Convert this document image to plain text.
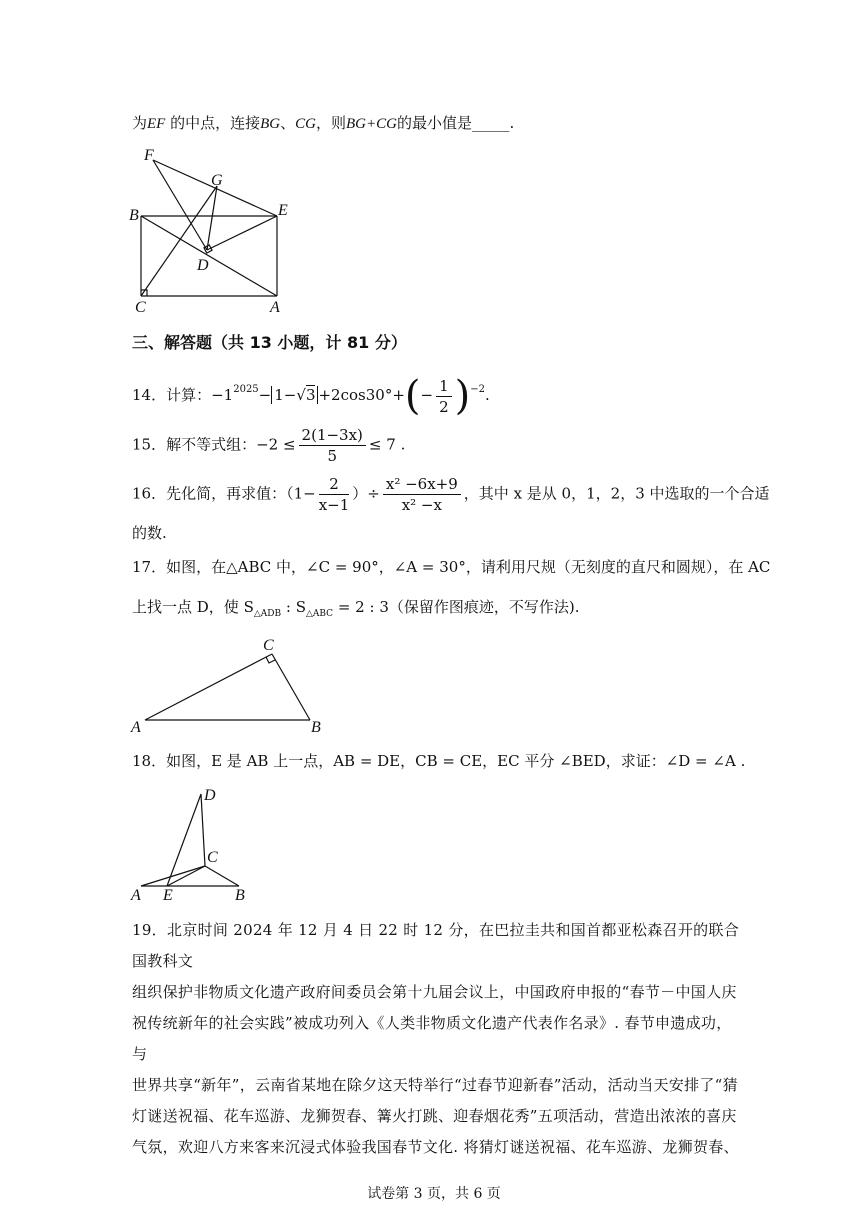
为EF 的中点，连接BG、CG，则BG+CG的最小值是_____.
F
G
B	E
D
C	A
三、解答题（共 13 小题，计 81 分）
14．计算：$-1^{2025}- 1-√3 +2\cos 30^\circ+(- \frac{1}{2} )^{-2}$.
15．解不等式组：$-2 \le \frac{2(1-3x)}{5} \le 7$ .
16．先化简，再求值：（$1- \frac{2}{x-1}$ ）÷ $\frac{\text{x² −6x+9}}{\text{x² −x}}$ ，其中 x 是从 0，1，2，3 中选取的一个合适
的数.
17．如图，在△ABC 中，∠C = 90°，∠A = 30°，请利用尺规（无刻度的直尺和圆规），在 AC
上找一点 D，使 $S_{\triangle ADB}$ : $S_{\triangle ABC} = 2$ : 3（保留作图痕迹，不写作法).
C
A	B
18．如图，E 是 AB 上一点，AB = DE，CB = CE，EC 平分 ∠BED，求证：∠D = ∠A .
D
C
A E	B
19．北京时间 2024 年 12 月 4 日 22 时 12 分，在巴拉圭共和国首都亚松森召开的联合国教科文
组织保护非物质文化遗产政府间委员会第十九届会议上，中国政府申报的“春节－中国人庆
祝传统新年的社会实践”被成功列入《人类非物质文化遗产代表作名录》. 春节申遗成功，与
世界共享“新年”，云南省某地在除夕这天特举行“过春节迎新春”活动，活动当天安排了“猜
灯谜送祝福、花车巡游、龙狮贺春、篝火打跳、迎春烟花秀”五项活动，营造出浓浓的喜庆
气氛，欢迎八方来客来沉浸式体验我国春节文化. 将猜灯谜送祝福、花车巡游、龙狮贺春、
试卷第 3 页，共 6 页
